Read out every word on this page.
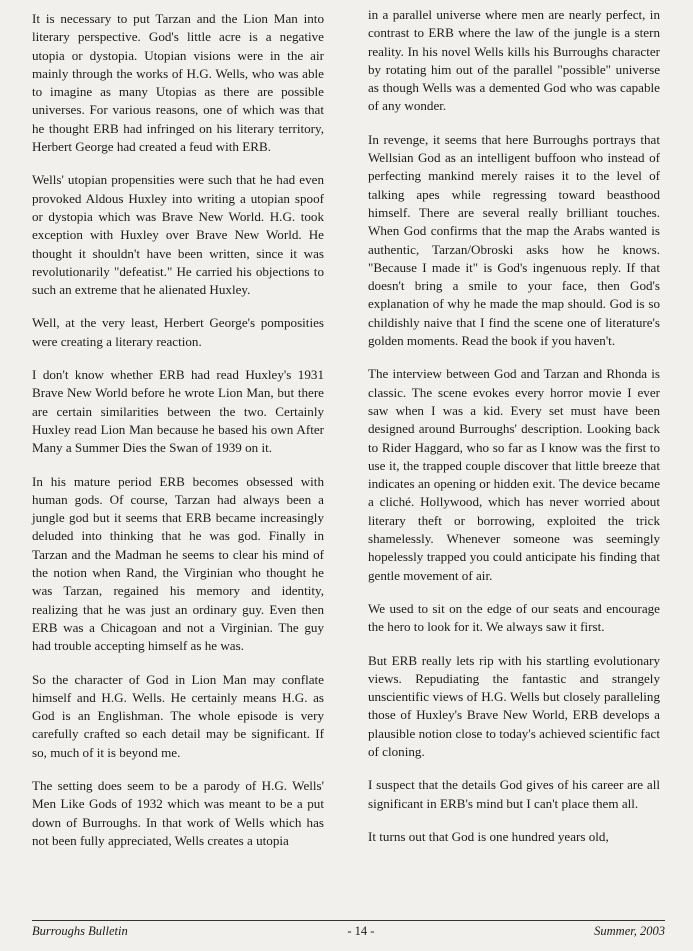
It is necessary to put Tarzan and the Lion Man into literary perspective. God's little acre is a negative utopia or dystopia. Utopian visions were in the air mainly through the works of H.G. Wells, who was able to imagine as many Utopias as there are possible universes. For various reasons, one of which was that he thought ERB had infringed on his literary territory, Herbert George had created a feud with ERB.

Wells' utopian propensities were such that he had even provoked Aldous Huxley into writing a utopian spoof or dystopia which was Brave New World. H.G. took exception with Huxley over Brave New World. He thought it shouldn't have been written, since it was revolutionarily "defeatist." He carried his objections to such an extreme that he alienated Huxley.

Well, at the very least, Herbert George's pomposities were creating a literary reaction.

I don't know whether ERB had read Huxley's 1931 Brave New World before he wrote Lion Man, but there are certain similarities between the two. Certainly Huxley read Lion Man because he based his own After Many a Summer Dies the Swan of 1939 on it.

In his mature period ERB becomes obsessed with human gods. Of course, Tarzan had always been a jungle god but it seems that ERB became increasingly deluded into thinking that he was god. Finally in Tarzan and the Madman he seems to clear his mind of the notion when Rand, the Virginian who thought he was Tarzan, regained his memory and identity, realizing that he was just an ordinary guy. Even then ERB was a Chicagoan and not a Virginian. The guy had trouble accepting himself as he was.

So the character of God in Lion Man may conflate himself and H.G. Wells. He certainly means H.G. as God is an Englishman. The whole episode is very carefully crafted so each detail may be significant. If so, much of it is beyond me.

The setting does seem to be a parody of H.G. Wells' Men Like Gods of 1932 which was meant to be a put down of Burroughs. In that work of Wells which has not been fully appreciated, Wells creates a utopia

in a parallel universe where men are nearly perfect, in contrast to ERB where the law of the jungle is a stern reality. In his novel Wells kills his Burroughs character by rotating him out of the parallel "possible" universe as though Wells was a demented God who was capable of any wonder.

In revenge, it seems that here Burroughs portrays that Wellsian God as an intelligent buffoon who instead of perfecting mankind merely raises it to the level of talking apes while regressing toward beasthood himself. There are several really brilliant touches. When God confirms that the map the Arabs wanted is authentic, Tarzan/Obroski asks how he knows. "Because I made it" is God's ingenuous reply. If that doesn't bring a smile to your face, then God's explanation of why he made the map should. God is so childishly naive that I find the scene one of literature's golden moments. Read the book if you haven't.

The interview between God and Tarzan and Rhonda is classic. The scene evokes every horror movie I ever saw when I was a kid. Every set must have been designed around Burroughs' description. Looking back to Rider Haggard, who so far as I know was the first to use it, the trapped couple discover that little breeze that indicates an opening or hidden exit. The device became a cliché. Hollywood, which has never worried about literary theft or borrowing, exploited the trick shamelessly. Whenever someone was seemingly hopelessly trapped you could anticipate his finding that gentle movement of air.

We used to sit on the edge of our seats and encourage the hero to look for it. We always saw it first.

But ERB really lets rip with his startling evolutionary views. Repudiating the fantastic and strangely unscientific views of H.G. Wells but closely paralleling those of Huxley's Brave New World, ERB develops a plausible notion close to today's achieved scientific fact of cloning.

I suspect that the details God gives of his career are all significant in ERB's mind but I can't place them all.

It turns out that God is one hundred years old,

Burroughs Bulletin	- 14 -	Summer, 2003
